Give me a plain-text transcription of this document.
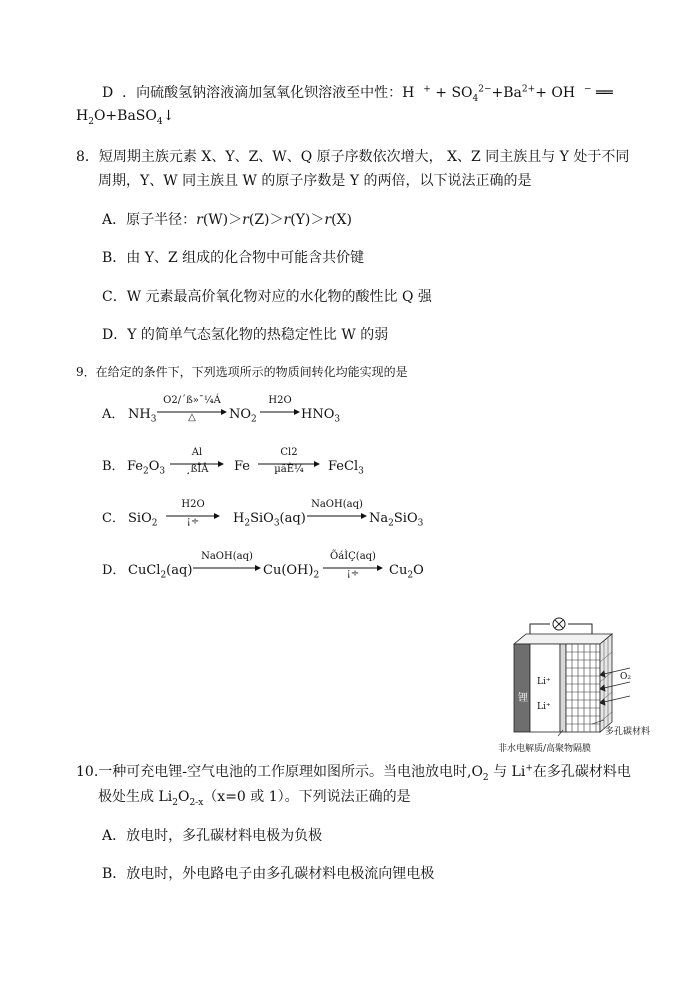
D ．向硫酸氢钠溶液滴加氢氧化钡溶液至中性：H $^+ + SO_4^{2-}+Ba^{2+}+$ OH − ══
$H_2O+BaSO_4↓$
8．短周期主族元素 X、Y、Z、W、Q 原子序数依次增大， X、Z 同主族且与 Y 处于不同
周期，Y、W 同主族且 W 的原子序数是 Y 的两倍，以下说法正确的是
A．原子半径：r(W)＞r(Z)＞r(Y)＞r(X)
B．由 Y、Z 组成的化合物中可能含共价键
C．W 元素最高价氧化物对应的水化物的酸性比 Q 强
D．Y 的简单气态氢化物的热稳定性比 W 的弱
9．在给定的条件下，下列选项所示的物质间转化均能实现的是
A． $NH_3$
O2/´ß»¯¼Á
△	$NO_2$
H2O
$HNO_3$
B． $Fe_2O_3$
Al
¸ßÎÂ	Fe
Cl2
µãÈ¼	FeCl$_3$
C． SiO$_2$
H2O
¡÷	$H_2SiO_3(aq)$
NaOH(aq)
$Na_2SiO_3$
D． CuCl$_2$(aq)
NaOH(aq)
$Cu(OH)_2$
ÕáÌÇ(aq)
¡÷	$Cu_2O$
锂
Li⁺
Li⁺
O₂
多孔碳材料
非水电解质/高聚物隔膜
10.一种可充电锂-空气电池的工作原理如图所示。当电池放电时$,O_2$ 与 Li+在多孔碳材料电
极处生成 $Li_2O_{2-x}(x=0$ 或 1）。下列说法正确的是
A．放电时，多孔碳材料电极为负极
B．放电时，外电路电子由多孔碳材料电极流向锂电极
